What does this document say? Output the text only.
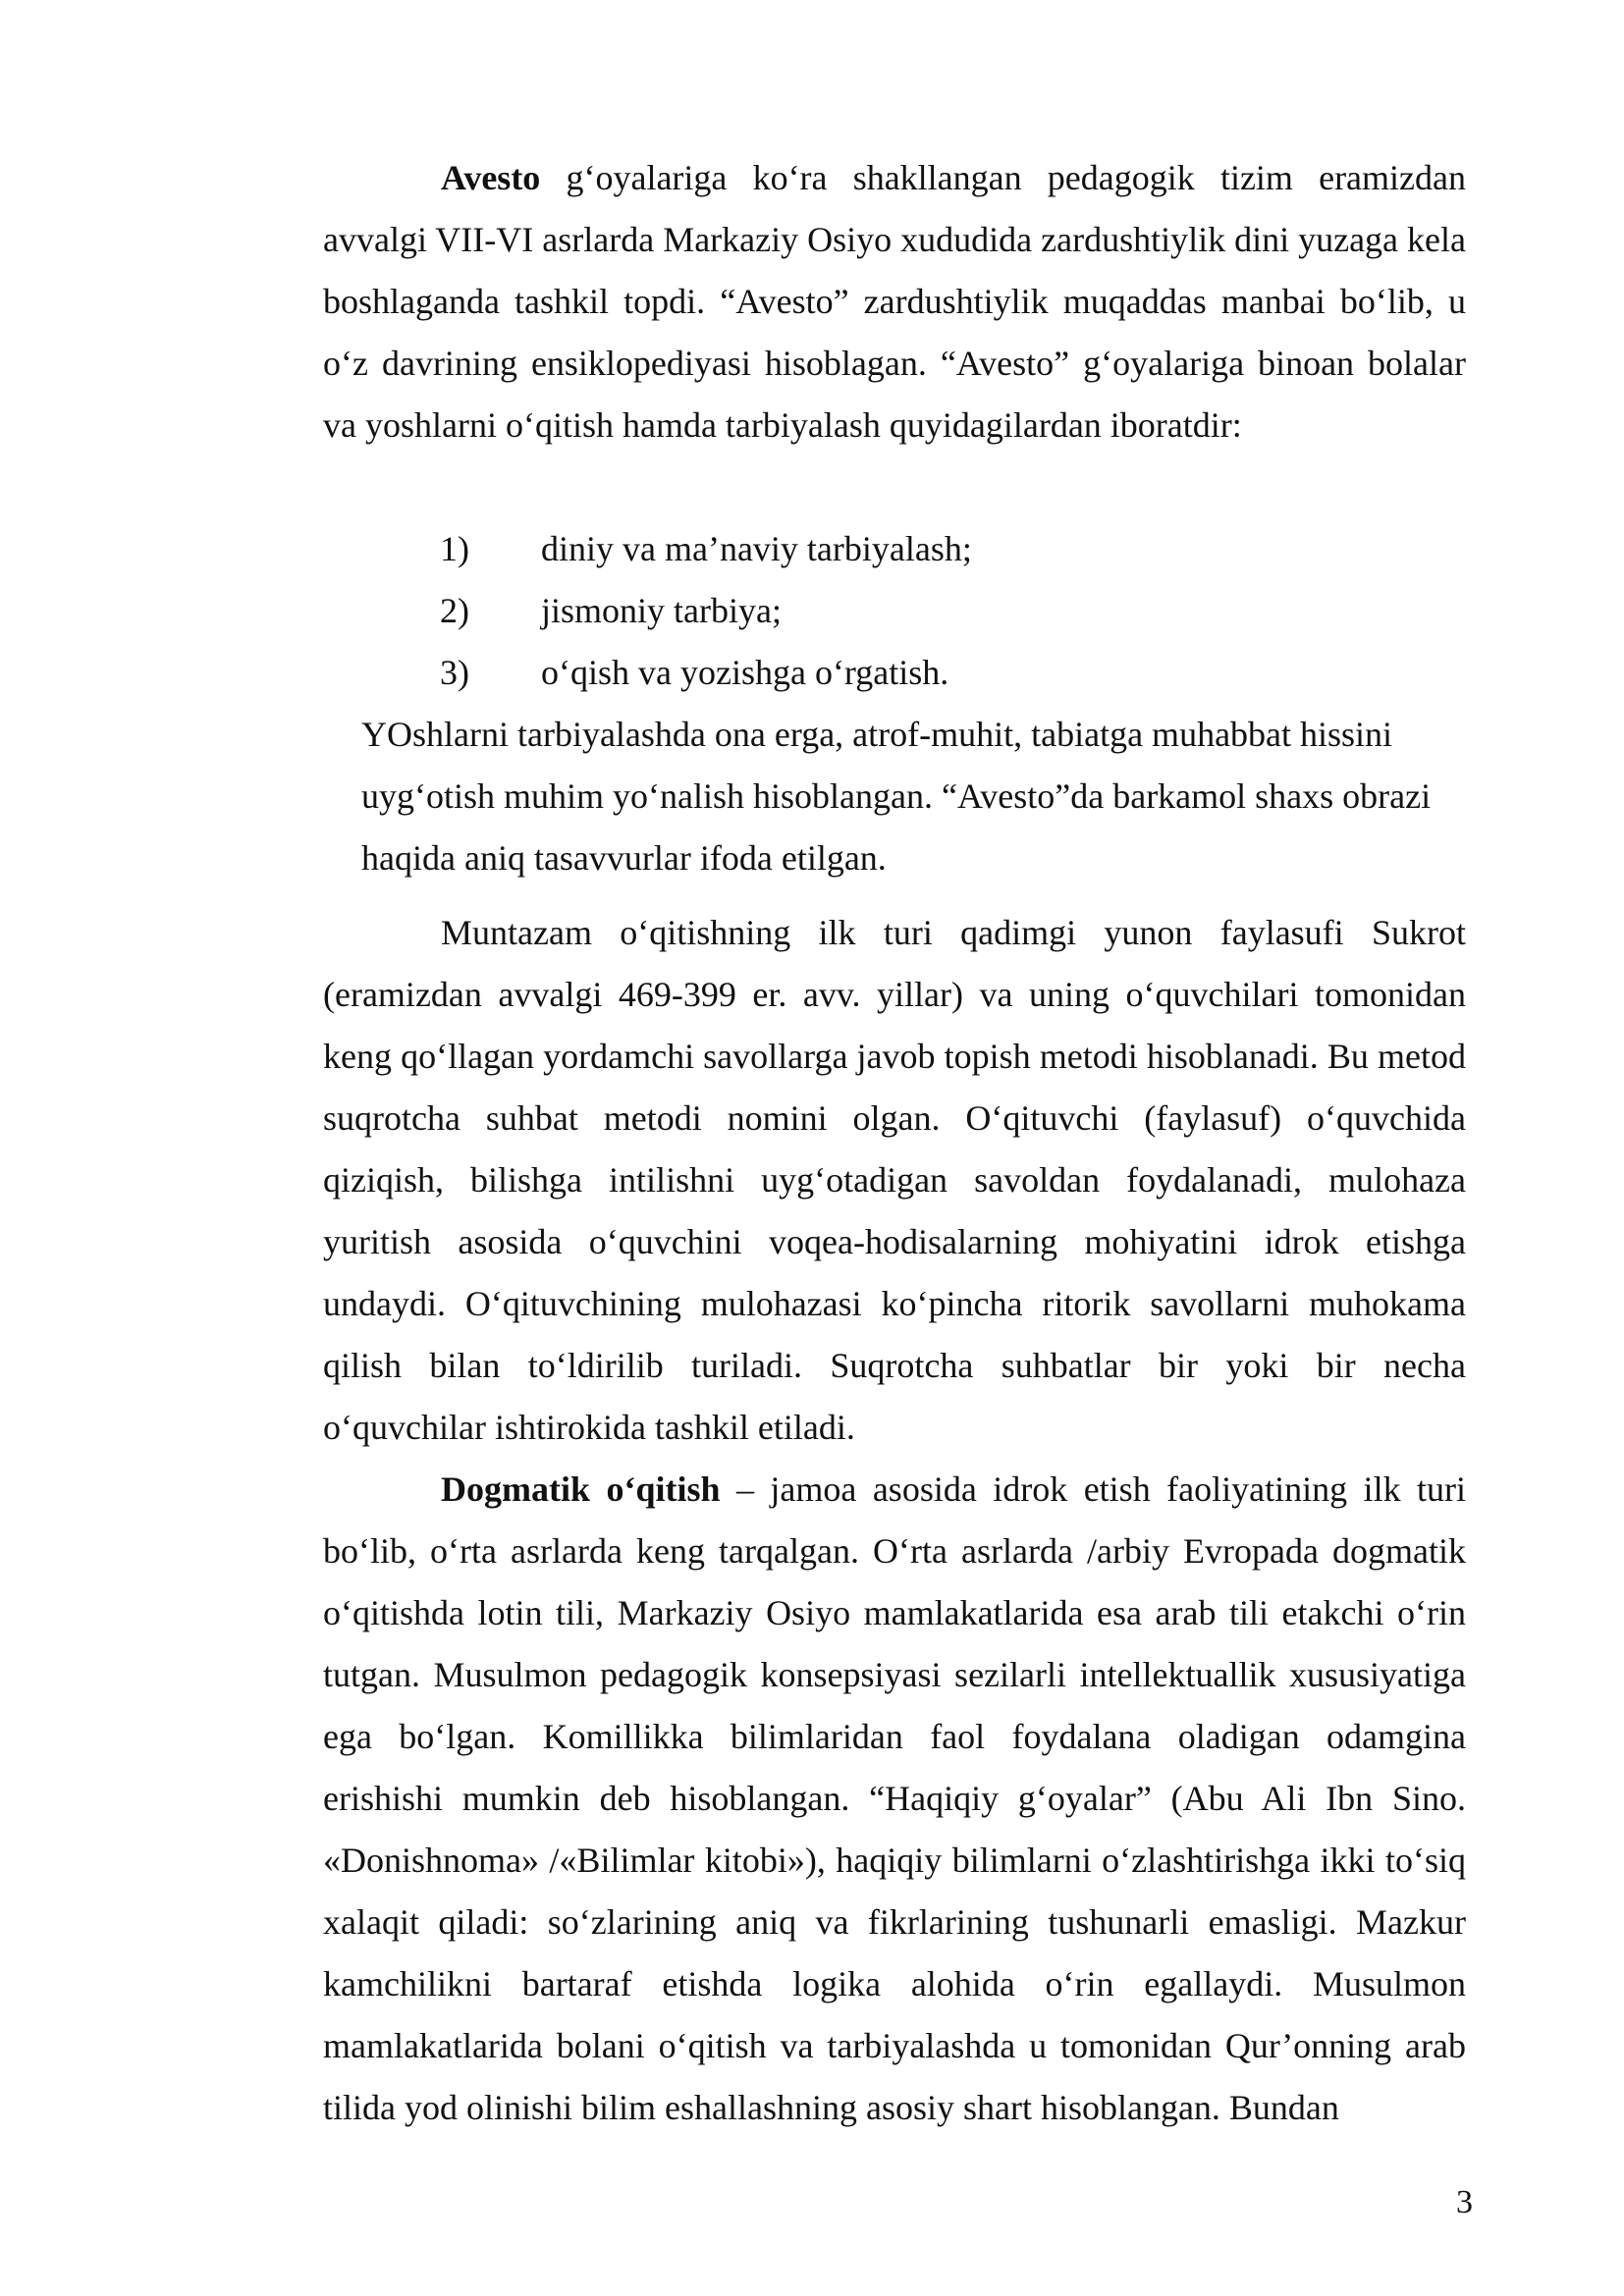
Avesto g‘oyalariga ko‘ra shakllangan pedagogik tizim eramizdan avvalgi VII-VI asrlarda Markaziy Osiyo xududida zardushtiylik dini yuzaga kela boshlaganda tashkil topdi. “Avesto” zardushtiylik muqaddas manbai bo‘lib, u o‘z davrining ensiklopediyasi hisoblagan. “Avesto” g‘oyalariga binoan bolalar va yoshlarni o‘qitish hamda tarbiyalash quyidagilardan iboratdir:

1) diniy va ma’naviy tarbiyalash;
2) jismoniy tarbiya;
3) o‘qish va yozishga o‘rgatish.
YOshlarni tarbiyalashda ona erga, atrof-muhit, tabiatga muhabbat hissini
uyg‘otish muhim yo‘nalish hisoblangan. “Avesto”da barkamol shaxs obrazi
haqida aniq tasavvurlar ifoda etilgan.

Muntazam o‘qitishning ilk turi qadimgi yunon faylasufi Sukrot (eramizdan avvalgi 469-399 er. avv. yillar) va uning o‘quvchilari tomonidan keng qo‘llagan yordamchi savollarga javob topish metodi hisoblanadi. Bu metod suqrotcha suhbat metodi nomini olgan. O‘qituvchi (faylasuf) o‘quvchida qiziqish, bilishga intilishni uyg‘otadigan savoldan foydalanadi, mulohaza yuritish asosida o‘quvchini voqea-hodisalarning mohiyatini idrok etishga undaydi. O‘qituvchining mulohazasi ko‘pincha ritorik savollarni muhokama qilish bilan to‘ldirilib turiladi. Suqrotcha suhbatlar bir yoki bir necha o‘quvchilar ishtirokida tashkil etiladi.

Dogmatik o‘qitish – jamoa asosida idrok etish faoliyatining ilk turi bo‘lib, o‘rta asrlarda keng tarqalgan. O‘rta asrlarda /arbiy Evropada dogmatik o‘qitishda lotin tili, Markaziy Osiyo mamlakatlarida esa arab tili etakchi o‘rin tutgan. Musulmon pedagogik konsepsiyasi sezilarli intellektuallik xususiyatiga ega bo‘lgan. Komillikka bilimlaridan faol foydalana oladigan odamgina erishishi mumkin deb hisoblangan. “Haqiqiy g‘oyalar” (Abu Ali Ibn Sino. «Donishnoma» /«Bilimlar kitobi»), haqiqiy bilimlarni o‘zlashtirishga ikki to‘siq xalaqit qiladi: so‘zlarining aniq va fikrlarining tushunarli emasligi. Mazkur kamchilikni bartaraf etishda logika alohida o‘rin egallaydi. Musulmon mamlakatlarida bolani o‘qitish va tarbiyalashda u tomonidan Qur’onning arab tilida yod olinishi bilim eshallashning asosiy shart hisoblangan. Bundan

3
